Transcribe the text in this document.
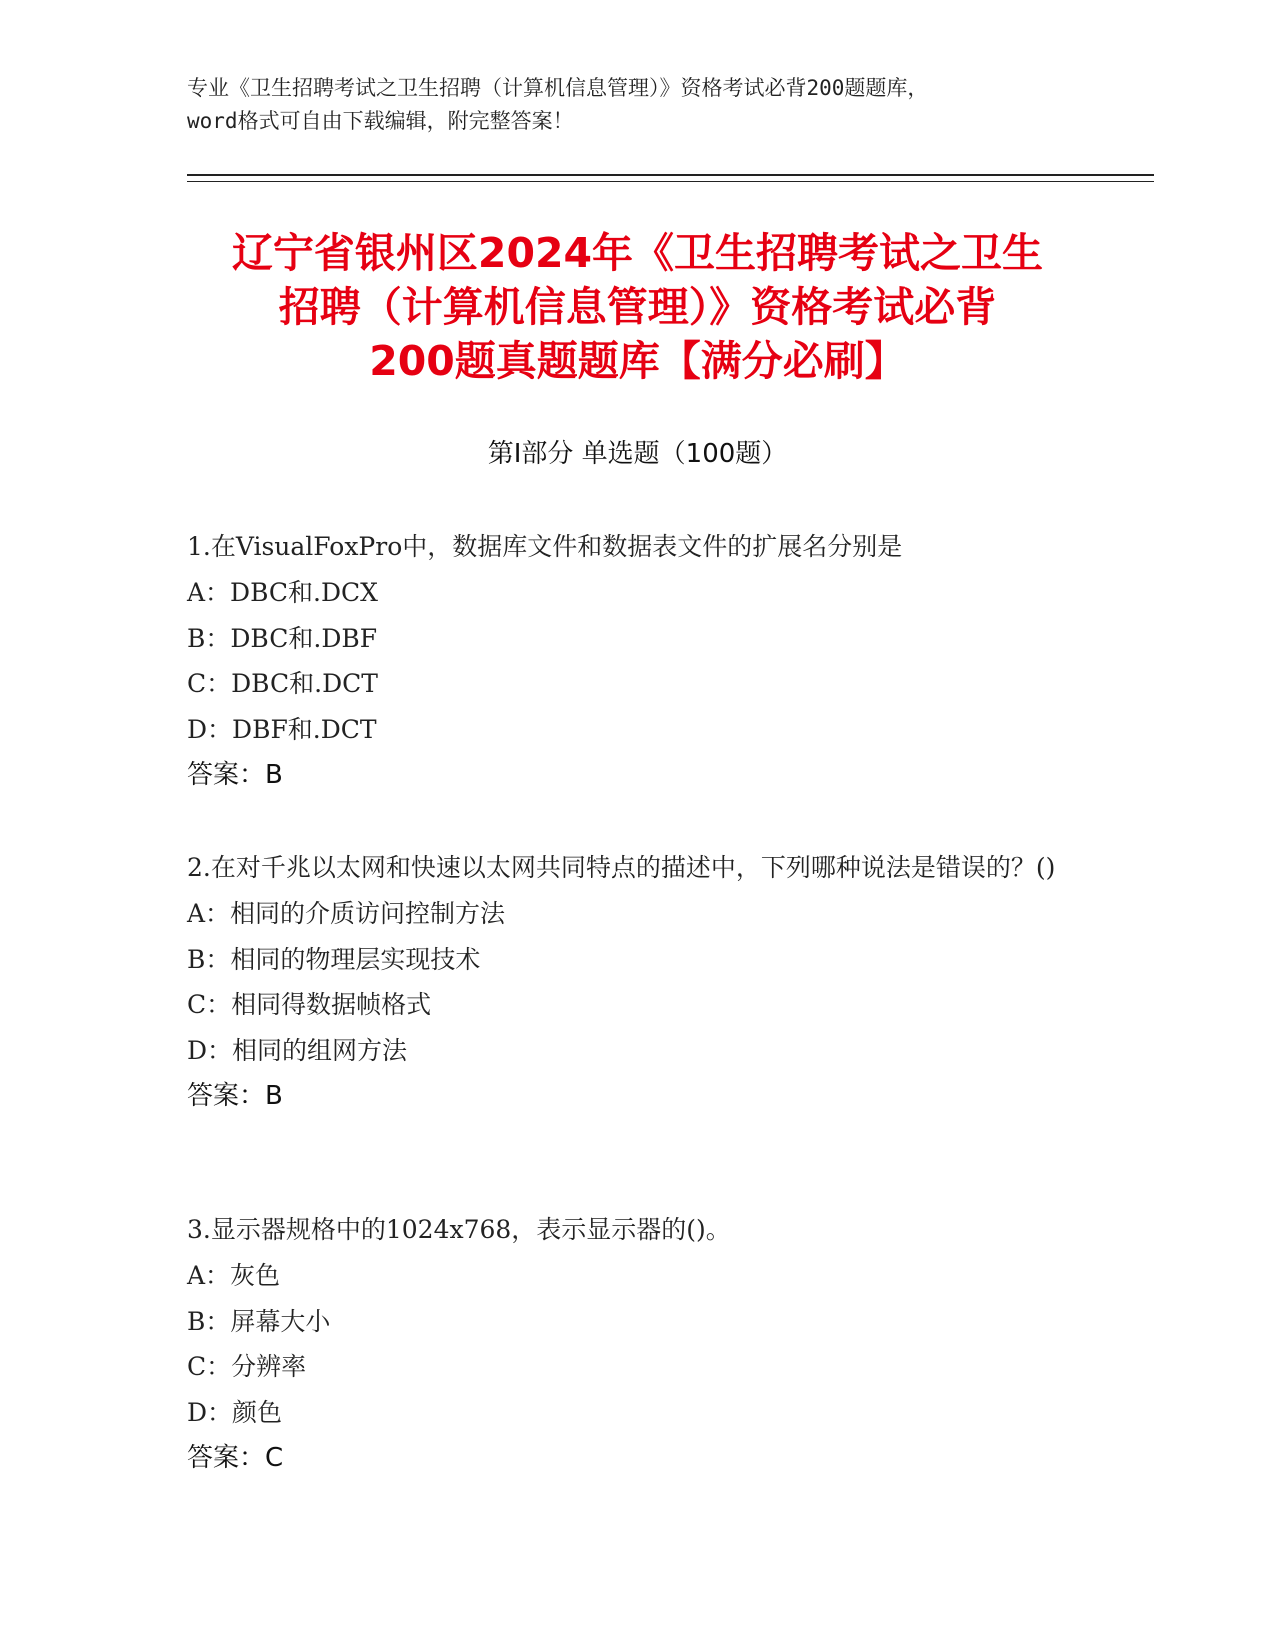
专业《卫生招聘考试之卫生招聘（计算机信息管理）》资格考试必背200题题库，
word格式可自由下载编辑，附完整答案！
辽宁省银州区2024年《卫生招聘考试之卫生
招聘（计算机信息管理）》资格考试必背
200题真题题库【满分必刷】
第Ⅰ部分 单选题（100题）
1.在VisualFoxPro中，数据库文件和数据表文件的扩展名分别是
A：DBC和.DCX
B：DBC和.DBF
C：DBC和.DCT
D：DBF和.DCT
答案：B
2.在对千兆以太网和快速以太网共同特点的描述中，下列哪种说法是错误的？()
A：相同的介质访问控制方法
B：相同的物理层实现技术
C：相同得数据帧格式
D：相同的组网方法
答案：B
3.显示器规格中的1024x768，表示显示器的()。
A：灰色
B：屏幕大小
C：分辨率
D：颜色
答案：C
